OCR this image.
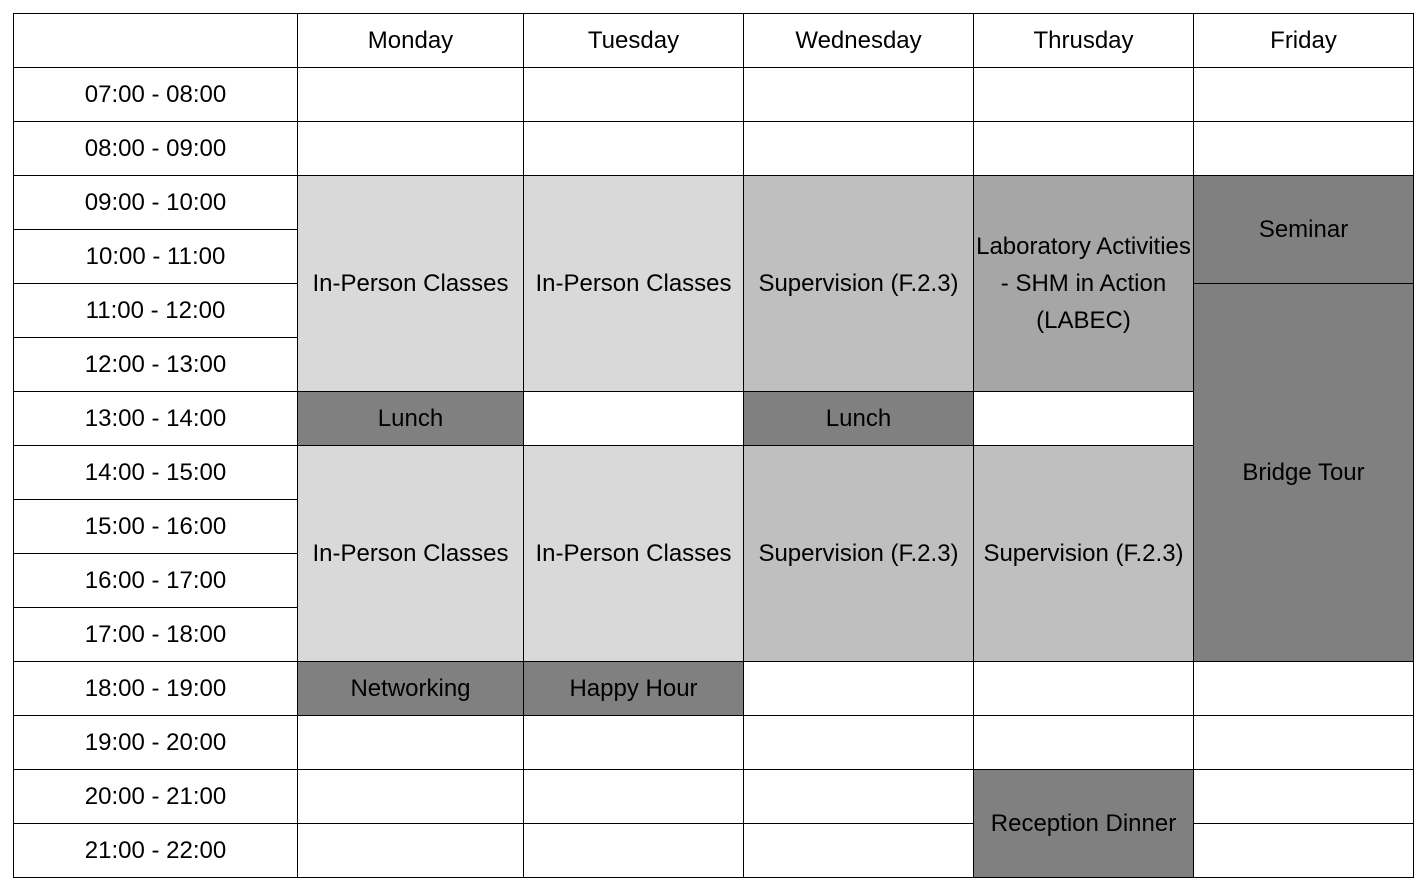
	Monday	Tuesday	Wednesday	Thrusday	Friday
07:00 - 08:00					
08:00 - 09:00					
09:00 - 10:00	In-Person Classes	In-Person Classes	Supervision (F.2.3)	Laboratory Activities - SHM in Action (LABEC)	Seminar
10:00 - 11:00					
11:00 - 12:00					Bridge Tour
12:00 - 13:00					
13:00 - 14:00	Lunch		Lunch		
14:00 - 15:00	In-Person Classes	In-Person Classes	Supervision (F.2.3)	Supervision (F.2.3)	
15:00 - 16:00					
16:00 - 17:00					
17:00 - 18:00					
18:00 - 19:00	Networking	Happy Hour			
19:00 - 20:00					
20:00 - 21:00				Reception Dinner	
21:00 - 22:00					
